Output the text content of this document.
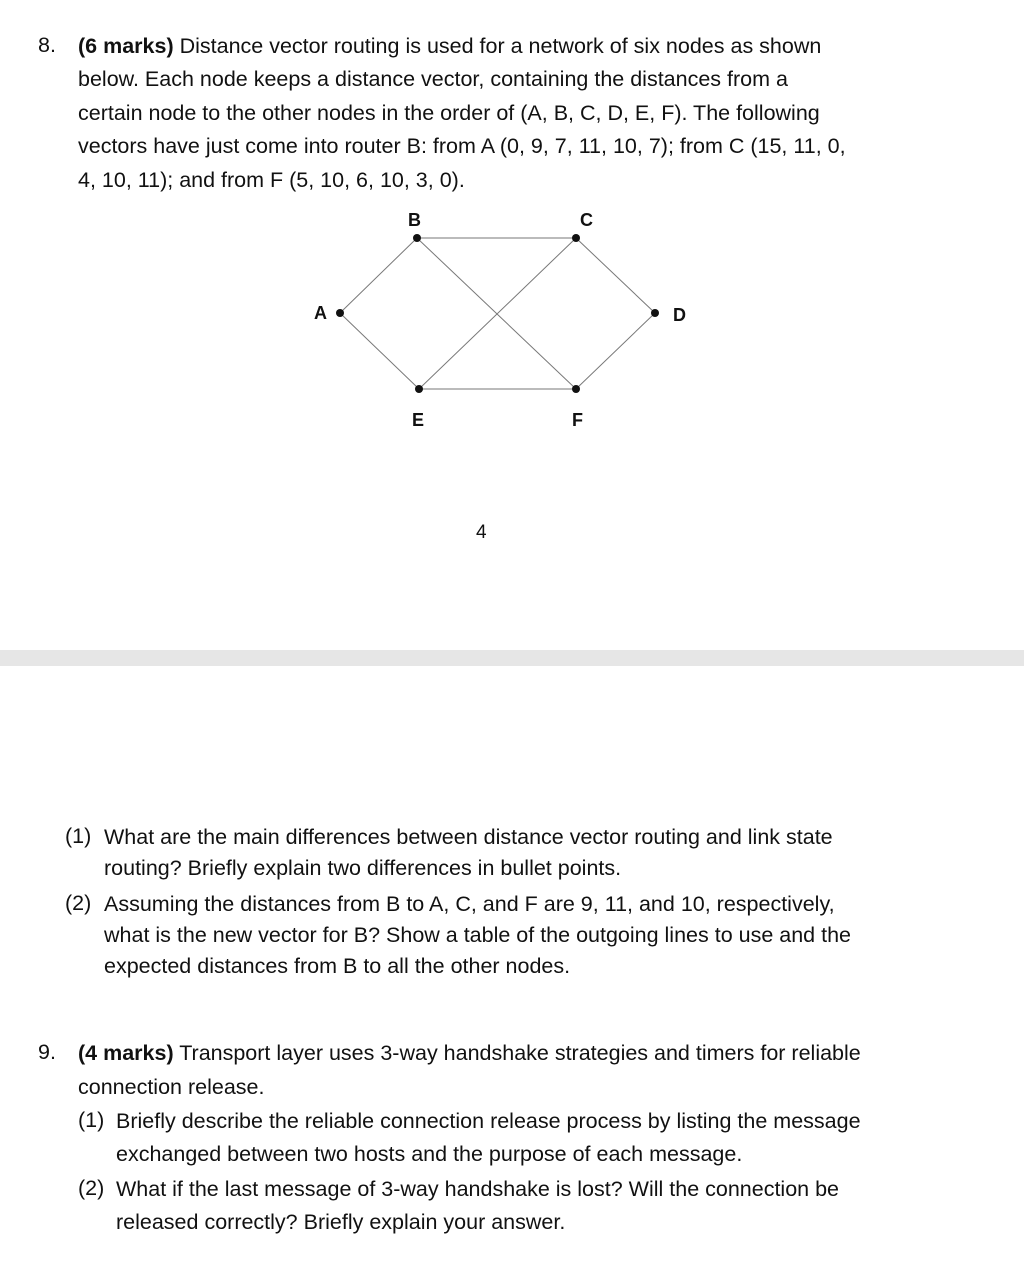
8. (6 marks) Distance vector routing is used for a network of six nodes as shown
below. Each node keeps a distance vector, containing the distances from a
certain node to the other nodes in the order of (A, B, C, D, E, F). The following
vectors have just come into router B: from A (0, 9, 7, 11, 10, 7); from C (15, 11, 0,
4, 10, 11); and from F (5, 10, 6, 10, 3, 0).
A
B	C
D
E	F
4
(1) What are the main differences between distance vector routing and link state
routing? Briefly explain two differences in bullet points.
(2) Assuming the distances from B to A, C, and F are 9, 11, and 10, respectively,
what is the new vector for B? Show a table of the outgoing lines to use and the
expected distances from B to all the other nodes.
9. (4 marks) Transport layer uses 3-way handshake strategies and timers for reliable
connection release.
(1) Briefly describe the reliable connection release process by listing the message
exchanged between two hosts and the purpose of each message.
(2) What if the last message of 3-way handshake is lost? Will the connection be
released correctly? Briefly explain your answer.
